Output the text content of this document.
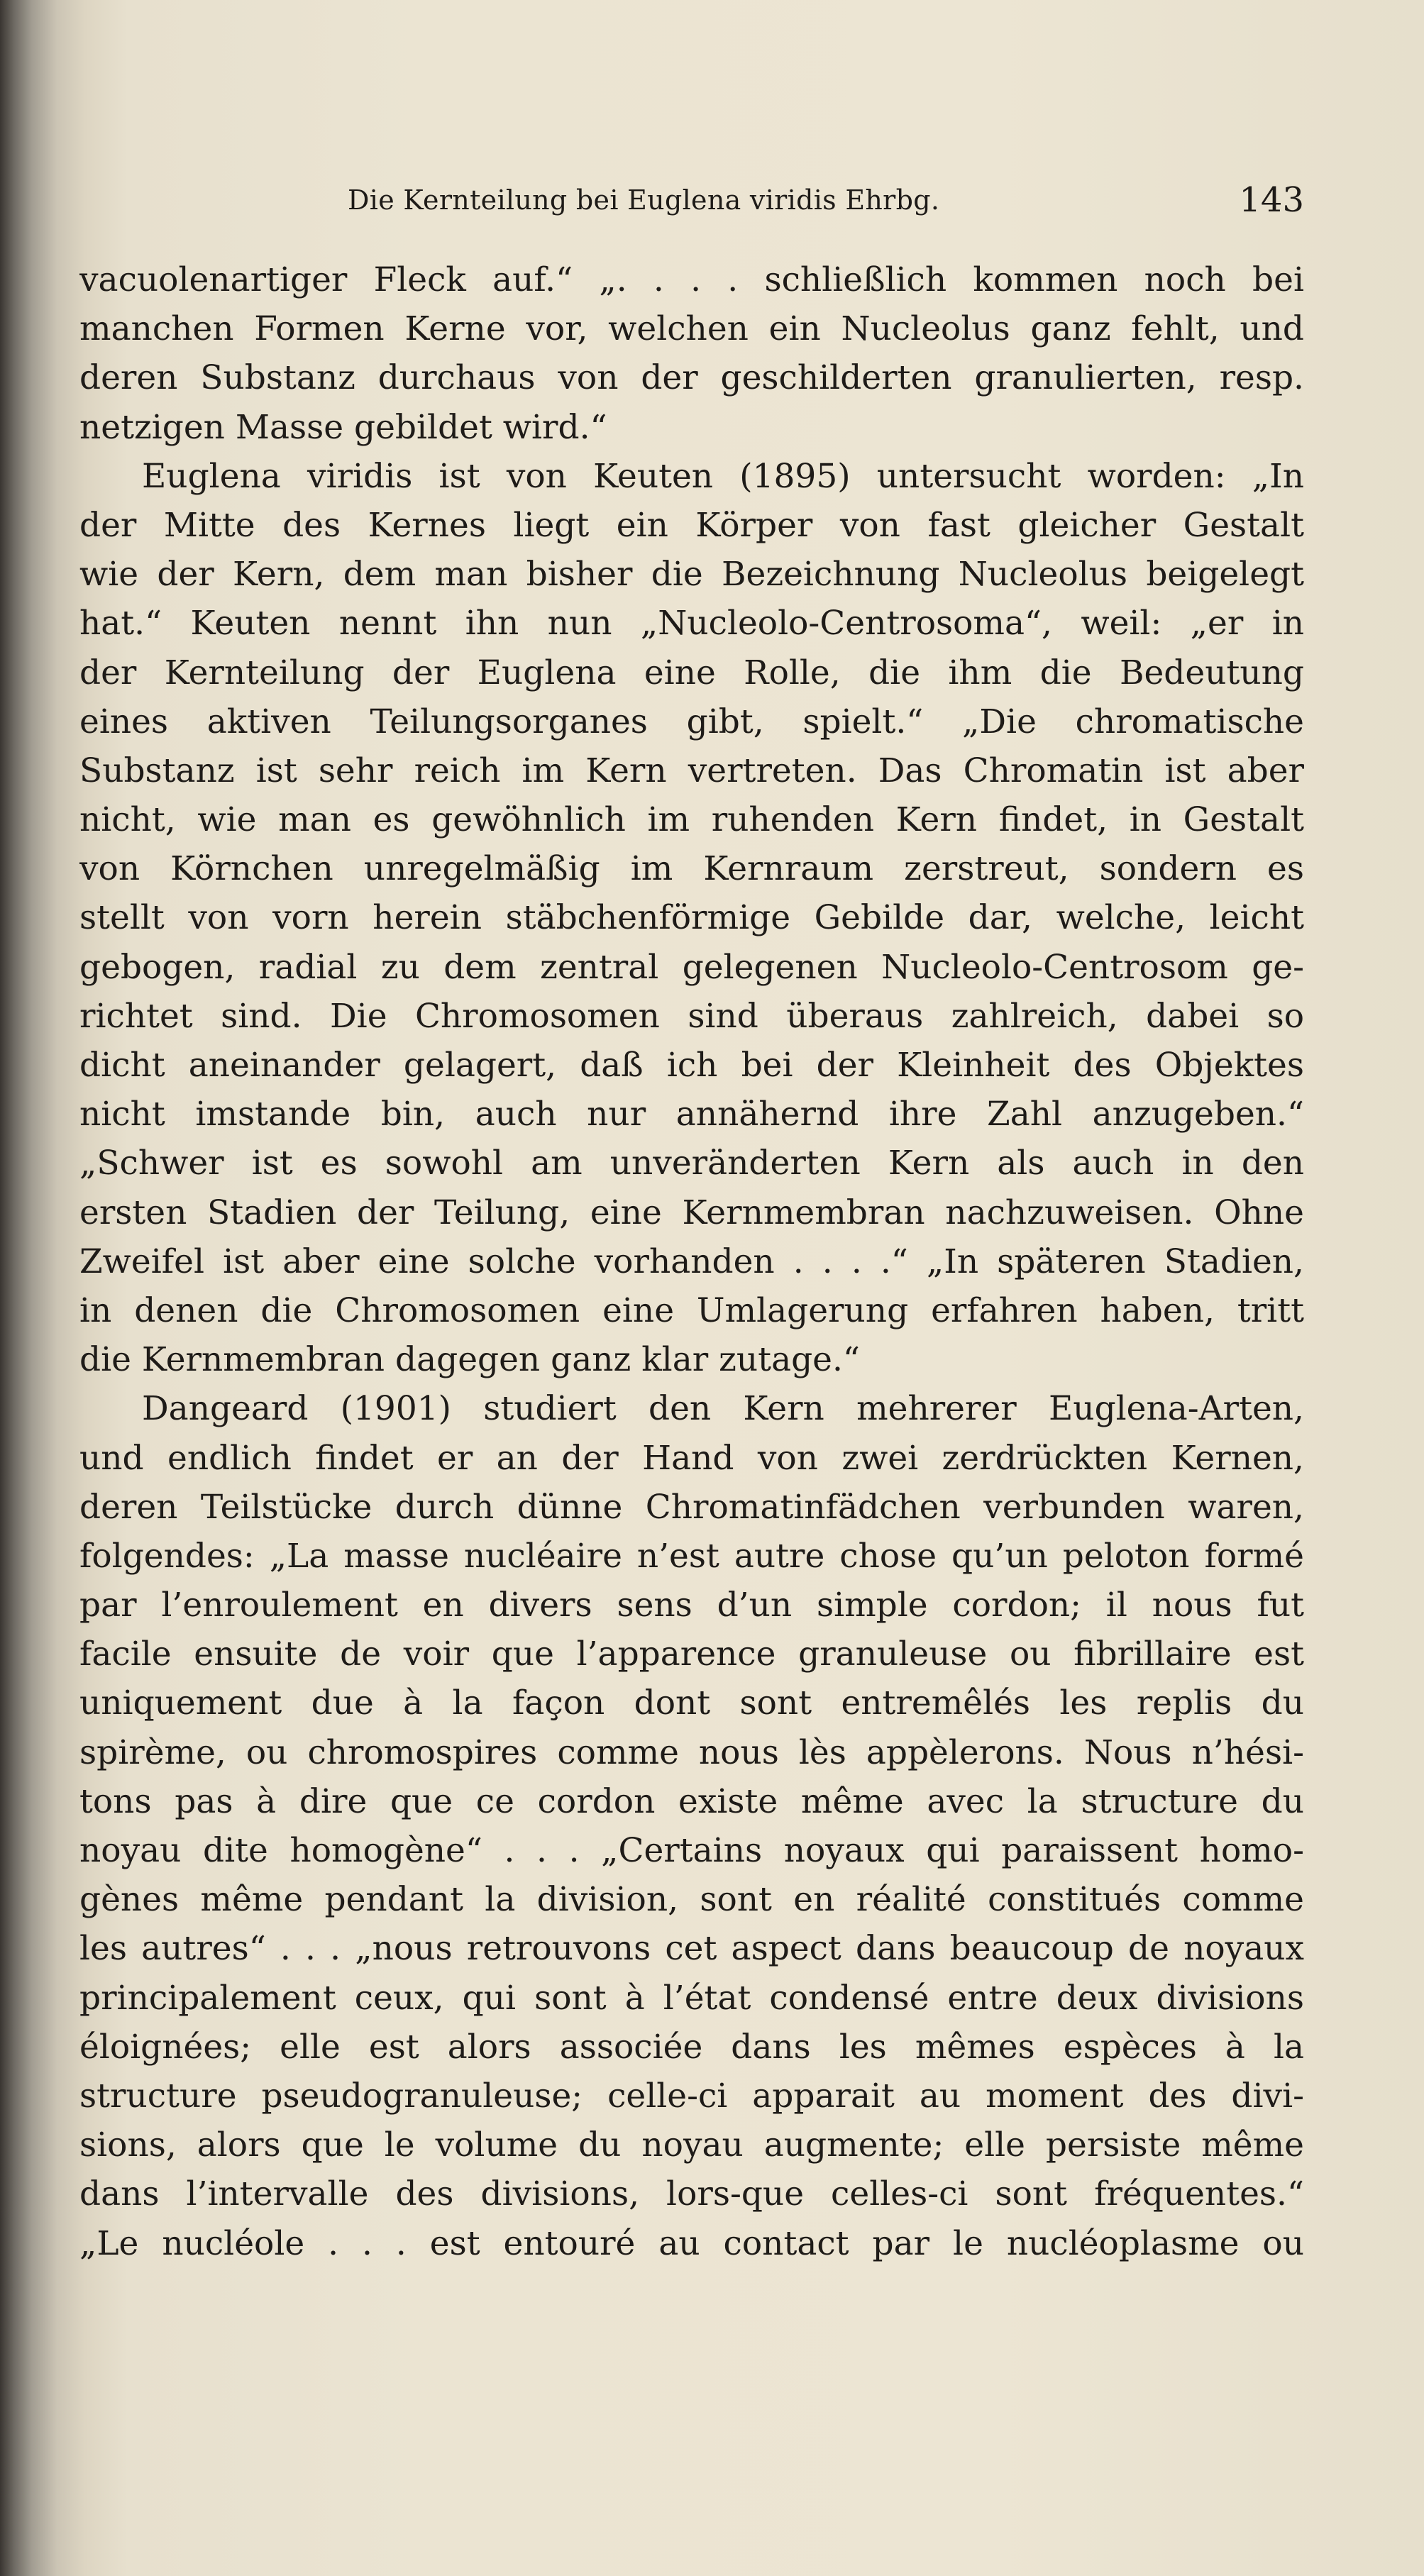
Die Kernteilung bei Euglena viridis Ehrbg.	143
vacuolenartiger Fleck auf.“ „. . . . schließlich kommen noch bei
manchen Formen Kerne vor, welchen ein Nucleolus ganz fehlt, und
deren Substanz durchaus von der geschilderten granulierten, resp.
netzigen Masse gebildet wird.“
Euglena viridis ist von Keuten (1895) untersucht worden: „In
der Mitte des Kernes liegt ein Körper von fast gleicher Gestalt
wie der Kern, dem man bisher die Bezeichnung Nucleolus beigelegt
hat.“ Keuten nennt ihn nun „Nucleolo-Centrosoma“, weil: „er in
der Kernteilung der Euglena eine Rolle, die ihm die Bedeutung
eines aktiven Teilungsorganes gibt, spielt.“ „Die chromatische
Substanz ist sehr reich im Kern vertreten. Das Chromatin ist aber
nicht, wie man es gewöhnlich im ruhenden Kern findet, in Gestalt
von Körnchen unregelmäßig im Kernraum zerstreut, sondern es
stellt von vorn herein stäbchenförmige Gebilde dar, welche, leicht
gebogen, radial zu dem zentral gelegenen Nucleolo-Centrosom ge-
richtet sind. Die Chromosomen sind überaus zahlreich, dabei so
dicht aneinander gelagert, daß ich bei der Kleinheit des Objektes
nicht imstande bin, auch nur annähernd ihre Zahl anzugeben.“
„Schwer ist es sowohl am unveränderten Kern als auch in den
ersten Stadien der Teilung, eine Kernmembran nachzuweisen. Ohne
Zweifel ist aber eine solche vorhanden . . . .“ „In späteren Stadien,
in denen die Chromosomen eine Umlagerung erfahren haben, tritt
die Kernmembran dagegen ganz klar zutage.“
Dangeard (1901) studiert den Kern mehrerer Euglena-Arten,
und endlich findet er an der Hand von zwei zerdrückten Kernen,
deren Teilstücke durch dünne Chromatinfädchen verbunden waren,
folgendes: „La masse nucléaire n’est autre chose qu’un peloton formé
par l’enroulement en divers sens d’un simple cordon; il nous fut
facile ensuite de voir que l’apparence granuleuse ou fibrillaire est
uniquement due à la façon dont sont entremêlés les replis du
spirème, ou chromospires comme nous lès appèlerons. Nous n’hési-
tons pas à dire que ce cordon existe même avec la structure du
noyau dite homogène“ . . . „Certains noyaux qui paraissent homo-
gènes même pendant la division, sont en réalité constitués comme
les autres“ . . . „nous retrouvons cet aspect dans beaucoup de noyaux
principalement ceux, qui sont à l’état condensé entre deux divisions
éloignées; elle est alors associée dans les mêmes espèces à la
structure pseudogranuleuse; celle-ci apparait au moment des divi-
sions, alors que le volume du noyau augmente; elle persiste même
dans l’intervalle des divisions, lors-que celles-ci sont fréquentes.“
„Le nucléole . . . est entouré au contact par le nucléoplasme ou
